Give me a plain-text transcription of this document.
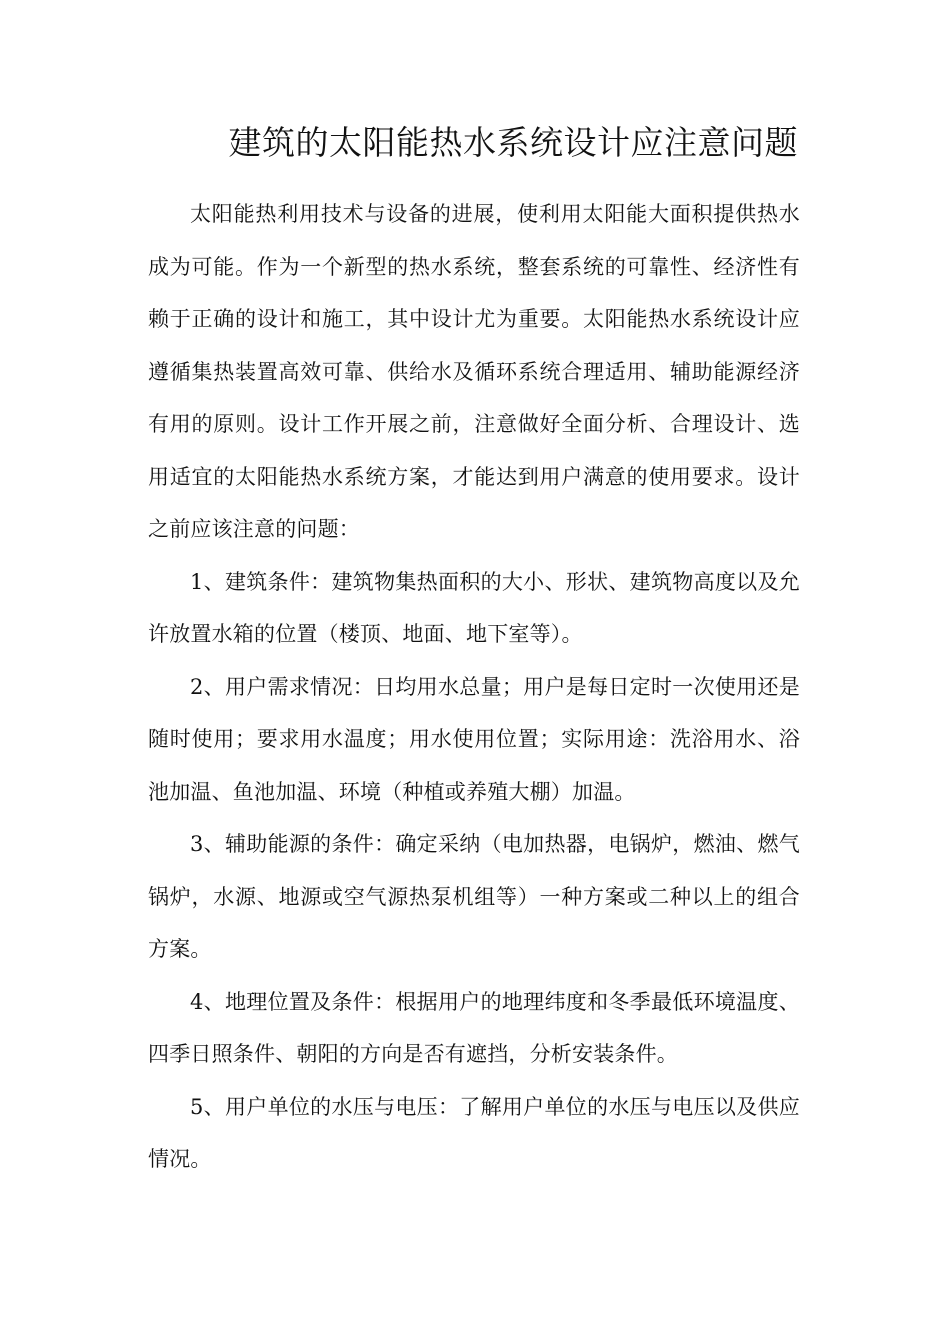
建筑的太阳能热水系统设计应注意问题

太阳能热利用技术与设备的进展，使利用太阳能大面积提供热水成为可能。作为一个新型的热水系统，整套系统的可靠性、经济性有赖于正确的设计和施工，其中设计尤为重要。太阳能热水系统设计应遵循集热装置高效可靠、供给水及循环系统合理适用、辅助能源经济有用的原则。设计工作开展之前，注意做好全面分析、合理设计、选用适宜的太阳能热水系统方案，才能达到用户满意的使用要求。设计之前应该注意的问题：

1、建筑条件：建筑物集热面积的大小、形状、建筑物高度以及允许放置水箱的位置（楼顶、地面、地下室等）。

2、用户需求情况：日均用水总量；用户是每日定时一次使用还是随时使用；要求用水温度；用水使用位置；实际用途：洗浴用水、浴池加温、鱼池加温、环境（种植或养殖大棚）加温。

3、辅助能源的条件：确定采纳（电加热器，电锅炉，燃油、燃气锅炉，水源、地源或空气源热泵机组等）一种方案或二种以上的组合方案。

4、地理位置及条件：根据用户的地理纬度和冬季最低环境温度、四季日照条件、朝阳的方向是否有遮挡，分析安装条件。

5、用户单位的水压与电压：了解用户单位的水压与电压以及供应情况。
